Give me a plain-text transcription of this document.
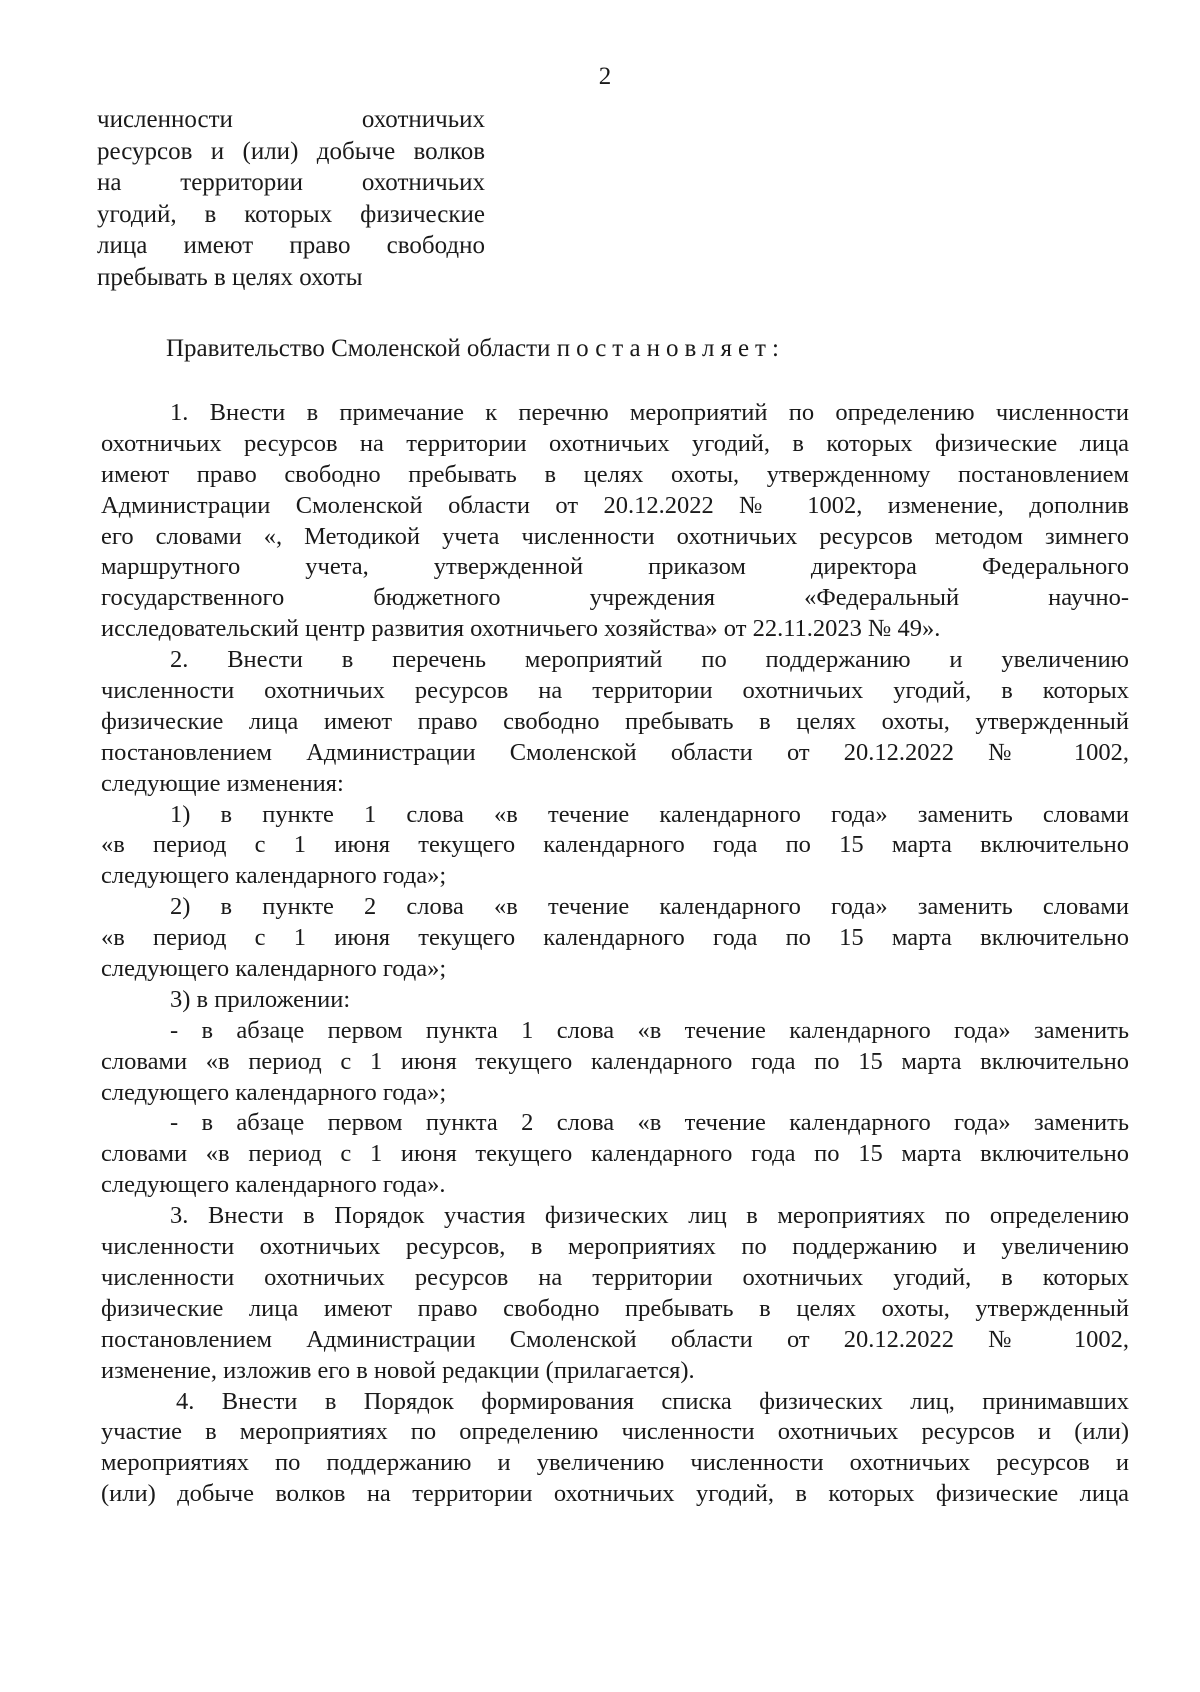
2
численности охотничьих
ресурсов и (или) добыче волков
на территории охотничьих
угодий, в которых физические
лица имеют право свободно
пребывать в целях охоты
Правительство Смоленской области постановляет:
1. Внести в примечание к перечню мероприятий по определению численности
охотничьих ресурсов на территории охотничьих угодий, в которых физические лица
имеют право свободно пребывать в целях охоты, утвержденному постановлением
Администрации Смоленской области от 20.12.2022 № 1002, изменение, дополнив
его словами «, Методикой учета численности охотничьих ресурсов методом зимнего
маршрутного учета, утвержденной приказом директора Федерального
государственного бюджетного учреждения «Федеральный научно-
исследовательский центр развития охотничьего хозяйства» от 22.11.2023 № 49».
2. Внести в перечень мероприятий по поддержанию и увеличению
численности охотничьих ресурсов на территории охотничьих угодий, в которых
физические лица имеют право свободно пребывать в целях охоты, утвержденный
постановлением Администрации Смоленской области от 20.12.2022 № 1002,
следующие изменения:
1) в пункте 1 слова «в течение календарного года» заменить словами
«в период с 1 июня текущего календарного года по 15 марта включительно
следующего календарного года»;
2) в пункте 2 слова «в течение календарного года» заменить словами
«в период с 1 июня текущего календарного года по 15 марта включительно
следующего календарного года»;
3) в приложении:
- в абзаце первом пункта 1 слова «в течение календарного года» заменить
словами «в период с 1 июня текущего календарного года по 15 марта включительно
следующего календарного года»;
- в абзаце первом пункта 2 слова «в течение календарного года» заменить
словами «в период с 1 июня текущего календарного года по 15 марта включительно
следующего календарного года».
3. Внести в Порядок участия физических лиц в мероприятиях по определению
численности охотничьих ресурсов, в мероприятиях по поддержанию и увеличению
численности охотничьих ресурсов на территории охотничьих угодий, в которых
физические лица имеют право свободно пребывать в целях охоты, утвержденный
постановлением Администрации Смоленской области от 20.12.2022 № 1002,
изменение, изложив его в новой редакции (прилагается).
4. Внести в Порядок формирования списка физических лиц, принимавших
участие в мероприятиях по определению численности охотничьих ресурсов и (или)
мероприятиях по поддержанию и увеличению численности охотничьих ресурсов и
(или) добыче волков на территории охотничьих угодий, в которых физические лица
